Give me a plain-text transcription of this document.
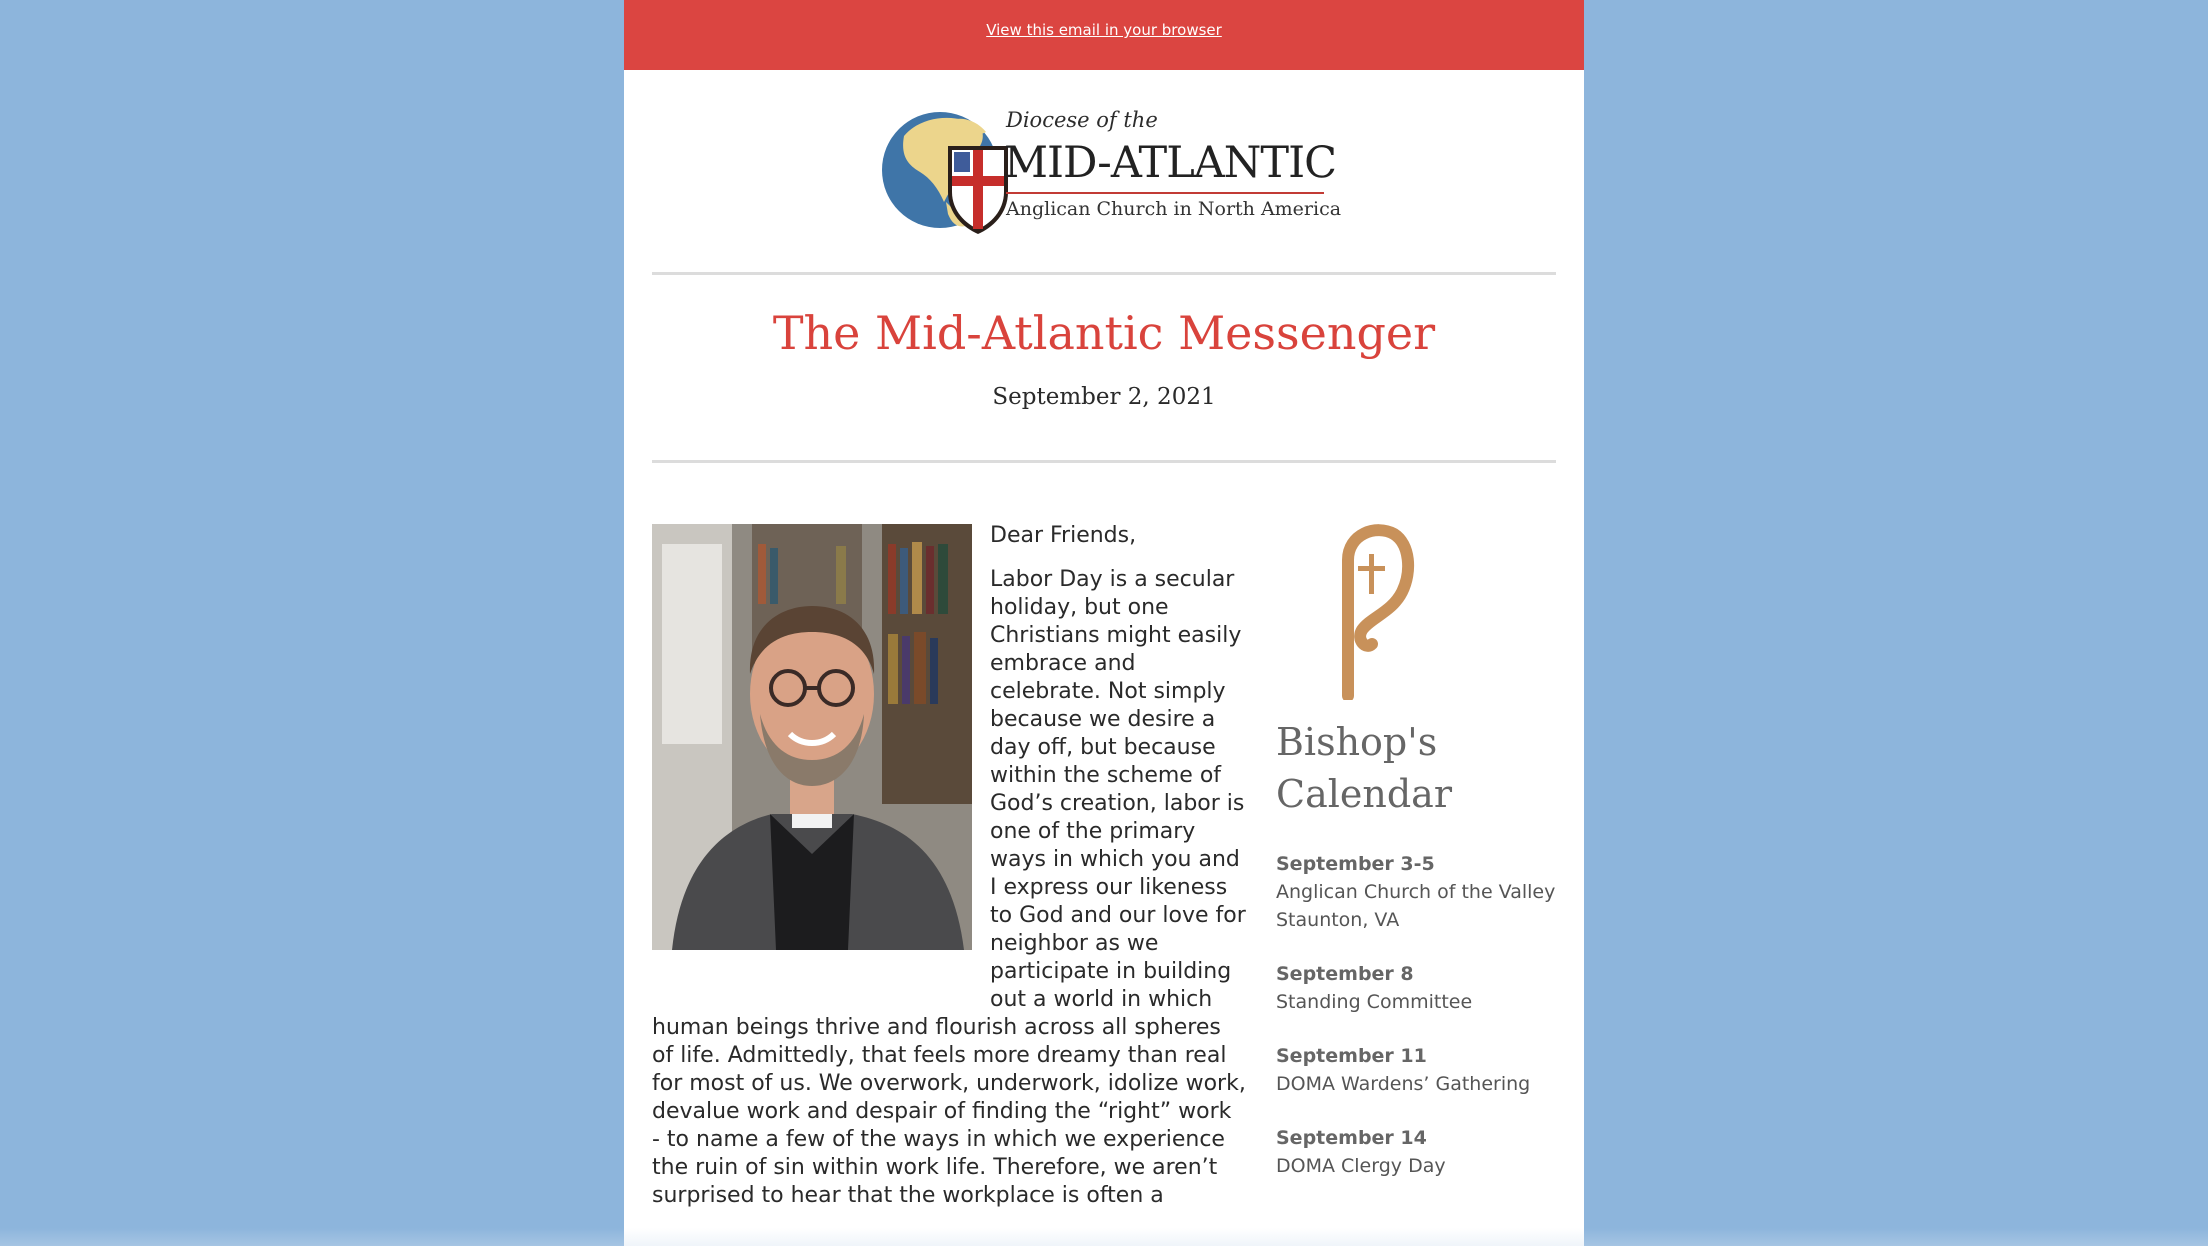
View this email in your browser
Diocese of the
MID-ATLANTIC
Anglican Church in North America
The Mid-Atlantic Messenger
September 2, 2021

Dear Friends,

Labor Day is a secular holiday, but one Christians might easily embrace and celebrate. Not simply because we desire a day off, but because within the scheme of God’s creation, labor is one of the primary ways in which you and I express our likeness to God and our love for neighbor as we participate in building out a world in which human beings thrive and flourish across all spheres of life. Admittedly, that feels more dreamy than real for most of us. We overwork, underwork, idolize work, devalue work and despair of finding the “right” work - to name a few of the ways in which we experience the ruin of sin within work life. Therefore, we aren’t surprised to hear that the workplace is often a

Bishop's Calendar
September 3-5
Anglican Church of the Valley
Staunton, VA
September 8
Standing Committee
September 11
DOMA Wardens’ Gathering
September 14
DOMA Clergy Day
